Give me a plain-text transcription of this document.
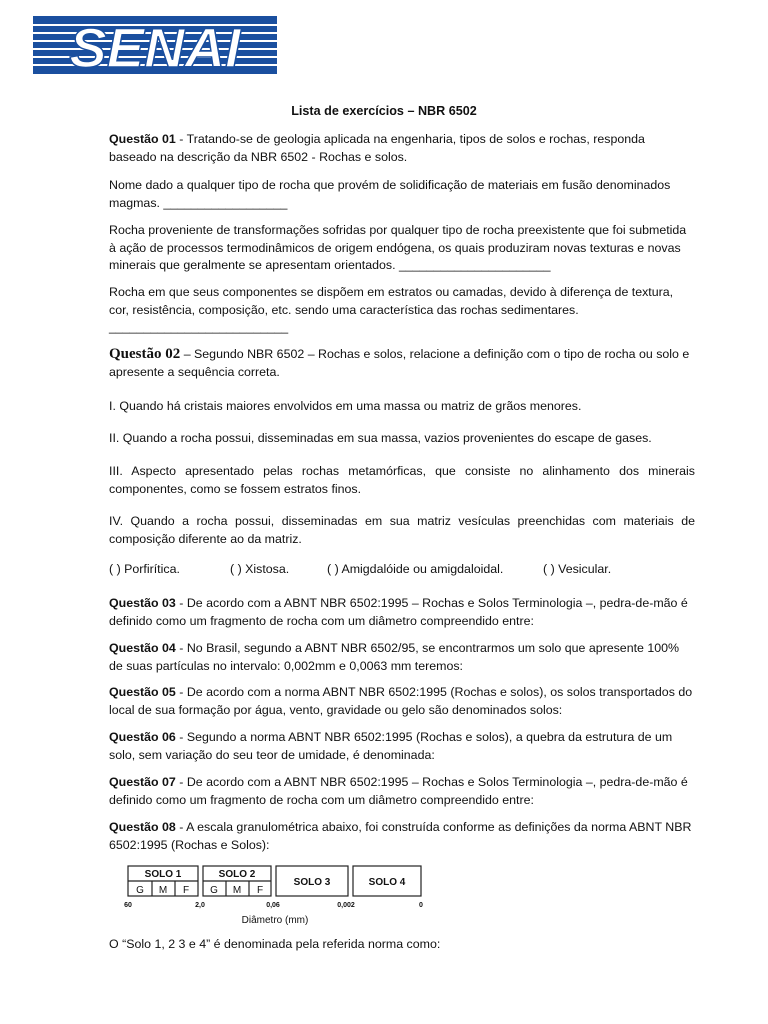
SENAI
Lista de exercícios – NBR 6502
Questão 01 - Tratando-se de geologia aplicada na engenharia, tipos de solos e rochas, responda baseado na descrição da NBR 6502 - Rochas e solos.
Nome dado a qualquer tipo de rocha que provém de solidificação de materiais em fusão denominados magmas. __________________
Rocha proveniente de transformações sofridas por qualquer tipo de rocha preexistente que foi submetida à ação de processos termodinâmicos de origem endógena, os quais produziram novas texturas e novas minerais que geralmente se apresentam orientados. ______________________
Rocha em que seus componentes se dispõem em estratos ou camadas, devido à diferença de textura, cor, resistência, composição, etc. sendo uma característica das rochas sedimentares. __________________________
Questão 02 – Segundo NBR 6502 – Rochas e solos, relacione a definição com o tipo de rocha ou solo e apresente a sequência correta.
I. Quando há cristais maiores envolvidos em uma massa ou matriz de grãos menores.
II. Quando a rocha possui, disseminadas em sua massa, vazios provenientes do escape de gases.
III. Aspecto apresentado pelas rochas metamórficas, que consiste no alinhamento dos minerais componentes, como se fossem estratos finos.
IV. Quando a rocha possui, disseminadas em sua matriz vesículas preenchidas com materiais de composição diferente ao da matriz.
( ) Porfirítica.	( ) Xistosa.	( ) Amigdalóide ou amigdaloidal.	( ) Vesicular.
Questão 03 - De acordo com a ABNT NBR 6502:1995 – Rochas e Solos Terminologia –, pedra-de-mão é definido como um fragmento de rocha com um diâmetro compreendido entre:
Questão 04 - No Brasil, segundo a ABNT NBR 6502/95, se encontrarmos um solo que apresente 100% de suas partículas no intervalo: 0,002mm e 0,0063 mm teremos:
Questão 05 - De acordo com a norma ABNT NBR 6502:1995 (Rochas e solos), os solos transportados do local de sua formação por água, vento, gravidade ou gelo são denominados solos:
Questão 06 - Segundo a norma ABNT NBR 6502:1995 (Rochas e solos), a quebra da estrutura de um solo, sem variação do seu teor de umidade, é denominada:
Questão 07 - De acordo com a ABNT NBR 6502:1995 – Rochas e Solos Terminologia –, pedra-de-mão é definido como um fragmento de rocha com um diâmetro compreendido entre:
Questão 08 - A escala granulométrica abaixo, foi construída conforme as definições da norma ABNT NBR 6502:1995 (Rochas e Solos):
SOLO 1	SOLO 2
SOLO 3	SOLO 4
G M F G M F
60	2,0	0,06	0,002	0
Diâmetro (mm)
O “Solo 1, 2 3 e 4” é denominada pela referida norma como:
